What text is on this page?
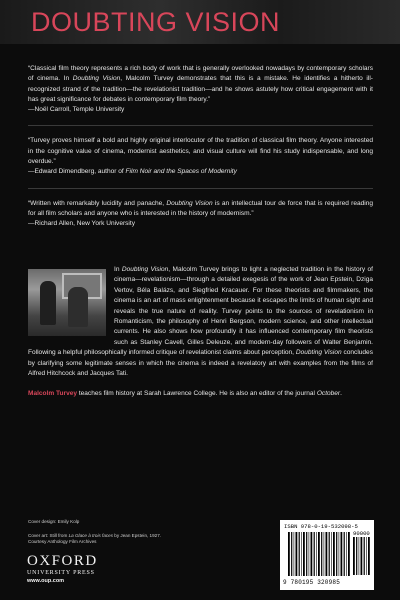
DOUBTING VISION

“Classical film theory represents a rich body of work that is generally overlooked nowadays by contemporary scholars of cinema. In Doubting Vision, Malcolm Turvey demonstrates that this is a mistake. He identifies a hitherto ill-recognized strand of the tradition—the revelationist tradition—and he shows astutely how critical engagement with it has great significance for debates in contemporary film theory.”

—Noël Carroll, Temple University

“Turvey proves himself a bold and highly original interlocutor of the tradition of classical film theory. Anyone interested in the cognitive value of cinema, modernist aesthetics, and visual culture will find his study indispensable, and long overdue.”

—Edward Dimendberg, author of Film Noir and the Spaces of Modernity

“Written with remarkably lucidity and panache, Doubting Vision is an intellectual tour de force that is required reading for all film scholars and anyone who is interested in the history of modernism.”

—Richard Allen, New York University

In Doubting Vision, Malcolm Turvey brings to light a neglected tradition in the history of cinema—revelationism—through a detailed exegesis of the work of Jean Epstein, Dziga Vertov, Béla Balázs, and Siegfried Kracauer. For these theorists and filmmakers, the cinema is an art of mass enlightenment because it escapes the limits of human sight and reveals the true nature of reality. Turvey points to the sources of revelationism in Romanticism, the philosophy of Henri Bergson, modern science, and other intellectual currents. He also shows how profoundly it has influenced contemporary film theorists such as Stanley Cavell, Gilles Deleuze, and modern-day followers of Walter Benjamin. Following a helpful philosophically informed critique of revelationist claims about perception, Doubting Vision concludes by clarifying some legitimate senses in which the cinema is indeed a revelatory art with examples from the films of Alfred Hitchcock and Jacques Tati.

Malcolm Turvey teaches film history at Sarah Lawrence College. He is also an editor of the journal October.

Cover design: Emily Kolp
Cover art: Still from La Glace à trois faces by Jean Epstein, 1927.
Courtesy Anthology Film Archives
OXFORD
UNIVERSITY PRESS
www.oup.com
ISBN 978-0-19-532098-5
90000
9 780195 320985
